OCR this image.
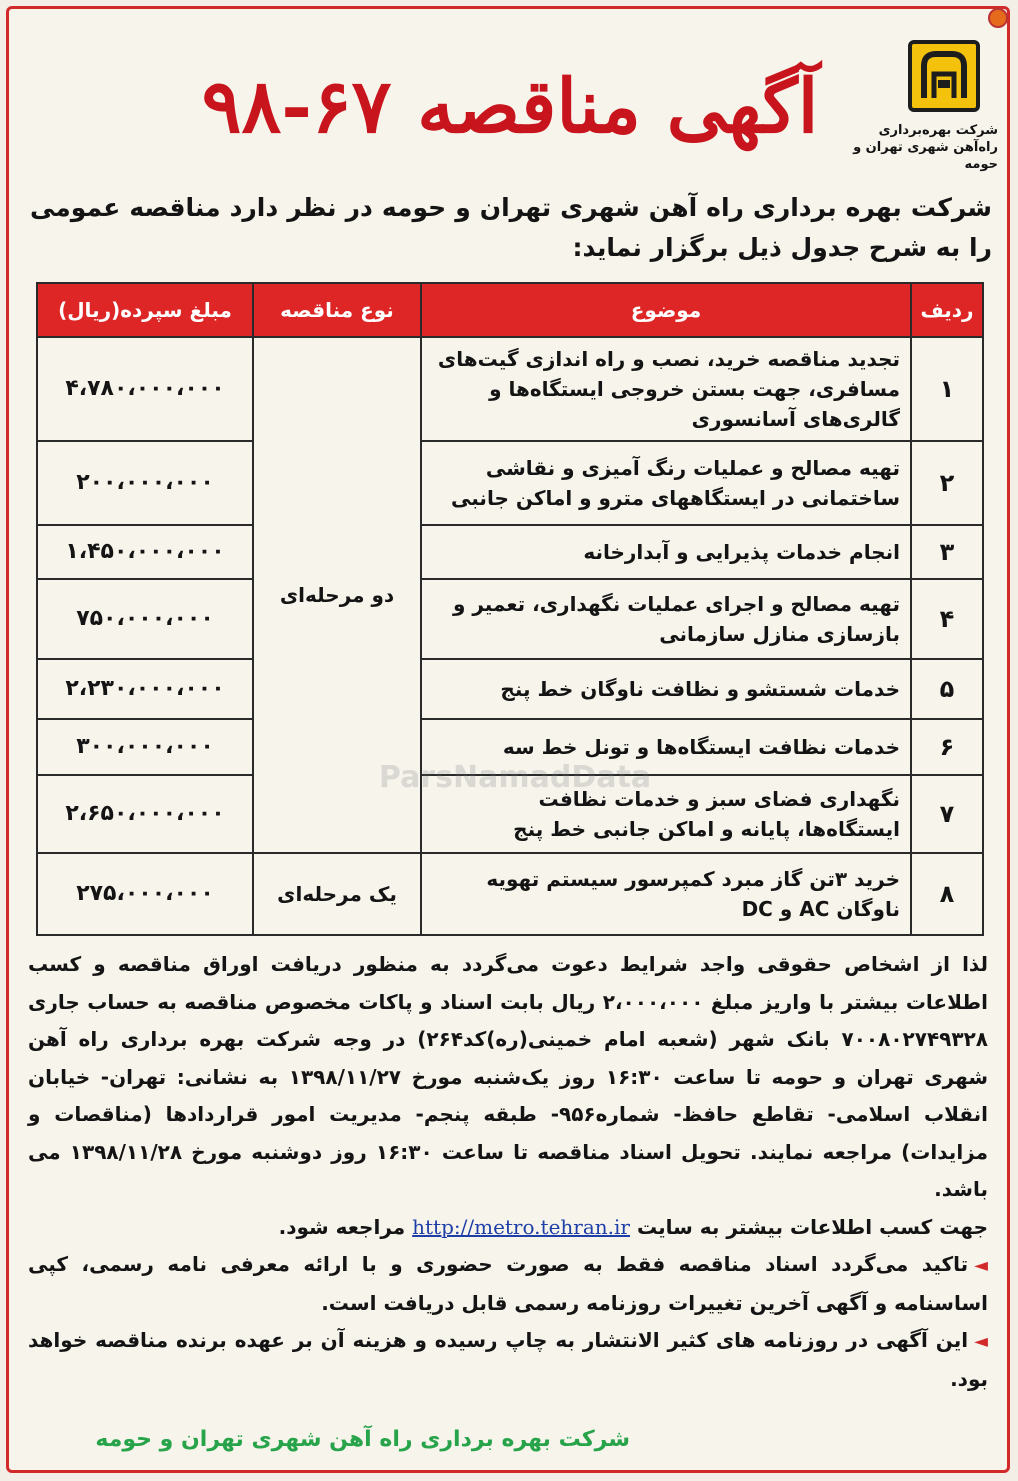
شرکت بهره‌برداری
راه‌آهن شهری تهران و حومه
آگهی مناقصه ۶۷-۹۸
شرکت بهره برداری راه آهن شهری تهران و حومه در نظر دارد مناقصه عمومی را به شرح جدول ذیل برگزار نماید:
ردیف	موضوع	نوع مناقصه	مبلغ سپرده(ریال)
۱	تجدید مناقصه خرید، نصب و راه اندازی گیت‌های مسافری، جهت بستن خروجی ایستگاه‌ها و گالری‌های آسانسوری	دو مرحله‌ای	۴،۷۸۰،۰۰۰،۰۰۰
۲	تهیه مصالح و عملیات رنگ آمیزی و نقاشی ساختمانی در ایستگاههای مترو و اماکن جانبی		۲۰۰،۰۰۰،۰۰۰
۳	انجام خدمات پذیرایی و آبدارخانه		۱،۴۵۰،۰۰۰،۰۰۰
۴	تهیه مصالح و اجرای عملیات نگهداری، تعمیر و بازسازی منازل سازمانی		۷۵۰،۰۰۰،۰۰۰
۵	خدمات شستشو و نظافت ناوگان خط پنج		۲،۲۳۰،۰۰۰،۰۰۰
۶	خدمات نظافت ایستگاه‌ها و تونل خط سه		۳۰۰،۰۰۰،۰۰۰
۷	نگهداری فضای سبز و خدمات نظافت ایستگاه‌ها، پایانه و اماکن جانبی خط پنج		۲،۶۵۰،۰۰۰،۰۰۰
۸	خرید ۳تن گاز مبرد کمپرسور سیستم تهویه ناوگان AC و DC	یک مرحله‌ای	۲۷۵،۰۰۰،۰۰۰
ParsNamadData

لذا از اشخاص حقوقی واجد شرایط دعوت می‌گردد به منظور دریافت اوراق مناقصه و کسب اطلاعات بیشتر با واریز مبلغ ۲،۰۰۰،۰۰۰ ریال بابت اسناد و پاکات مخصوص مناقصه به حساب جاری ۷۰۰۸۰۲۷۴۹۳۲۸ بانک شهر (شعبه امام خمینی(ره)کد۲۶۴) در وجه شرکت بهره برداری راه آهن شهری تهران و حومه تا ساعت ۱۶:۳۰ روز یک‌شنبه مورخ ۱۳۹۸/۱۱/۲۷ به نشانی: تهران- خیابان انقلاب اسلامی- تقاطع حافظ- شماره۹۵۶- طبقه پنجم- مدیریت امور قراردادها (مناقصات و مزایدات) مراجعه نمایند. تحویل اسناد مناقصه تا ساعت ۱۶:۳۰ روز دوشنبه مورخ ۱۳۹۸/۱۱/۲۸ می باشد.

جهت کسب اطلاعات بیشتر به سایت http://metro.tehran.ir مراجعه شود.

◄تاکید می‌گردد اسناد مناقصه فقط به صورت حضوری و با ارائه معرفی نامه رسمی، کپی اساسنامه و آگهی آخرین تغییرات روزنامه رسمی قابل دریافت است.

◄این آگهی در روزنامه های کثیر الانتشار به چاپ رسیده و هزینه آن بر عهده برنده مناقصه خواهد بود.

شرکت بهره برداری راه آهن شهری تهران و حومه
